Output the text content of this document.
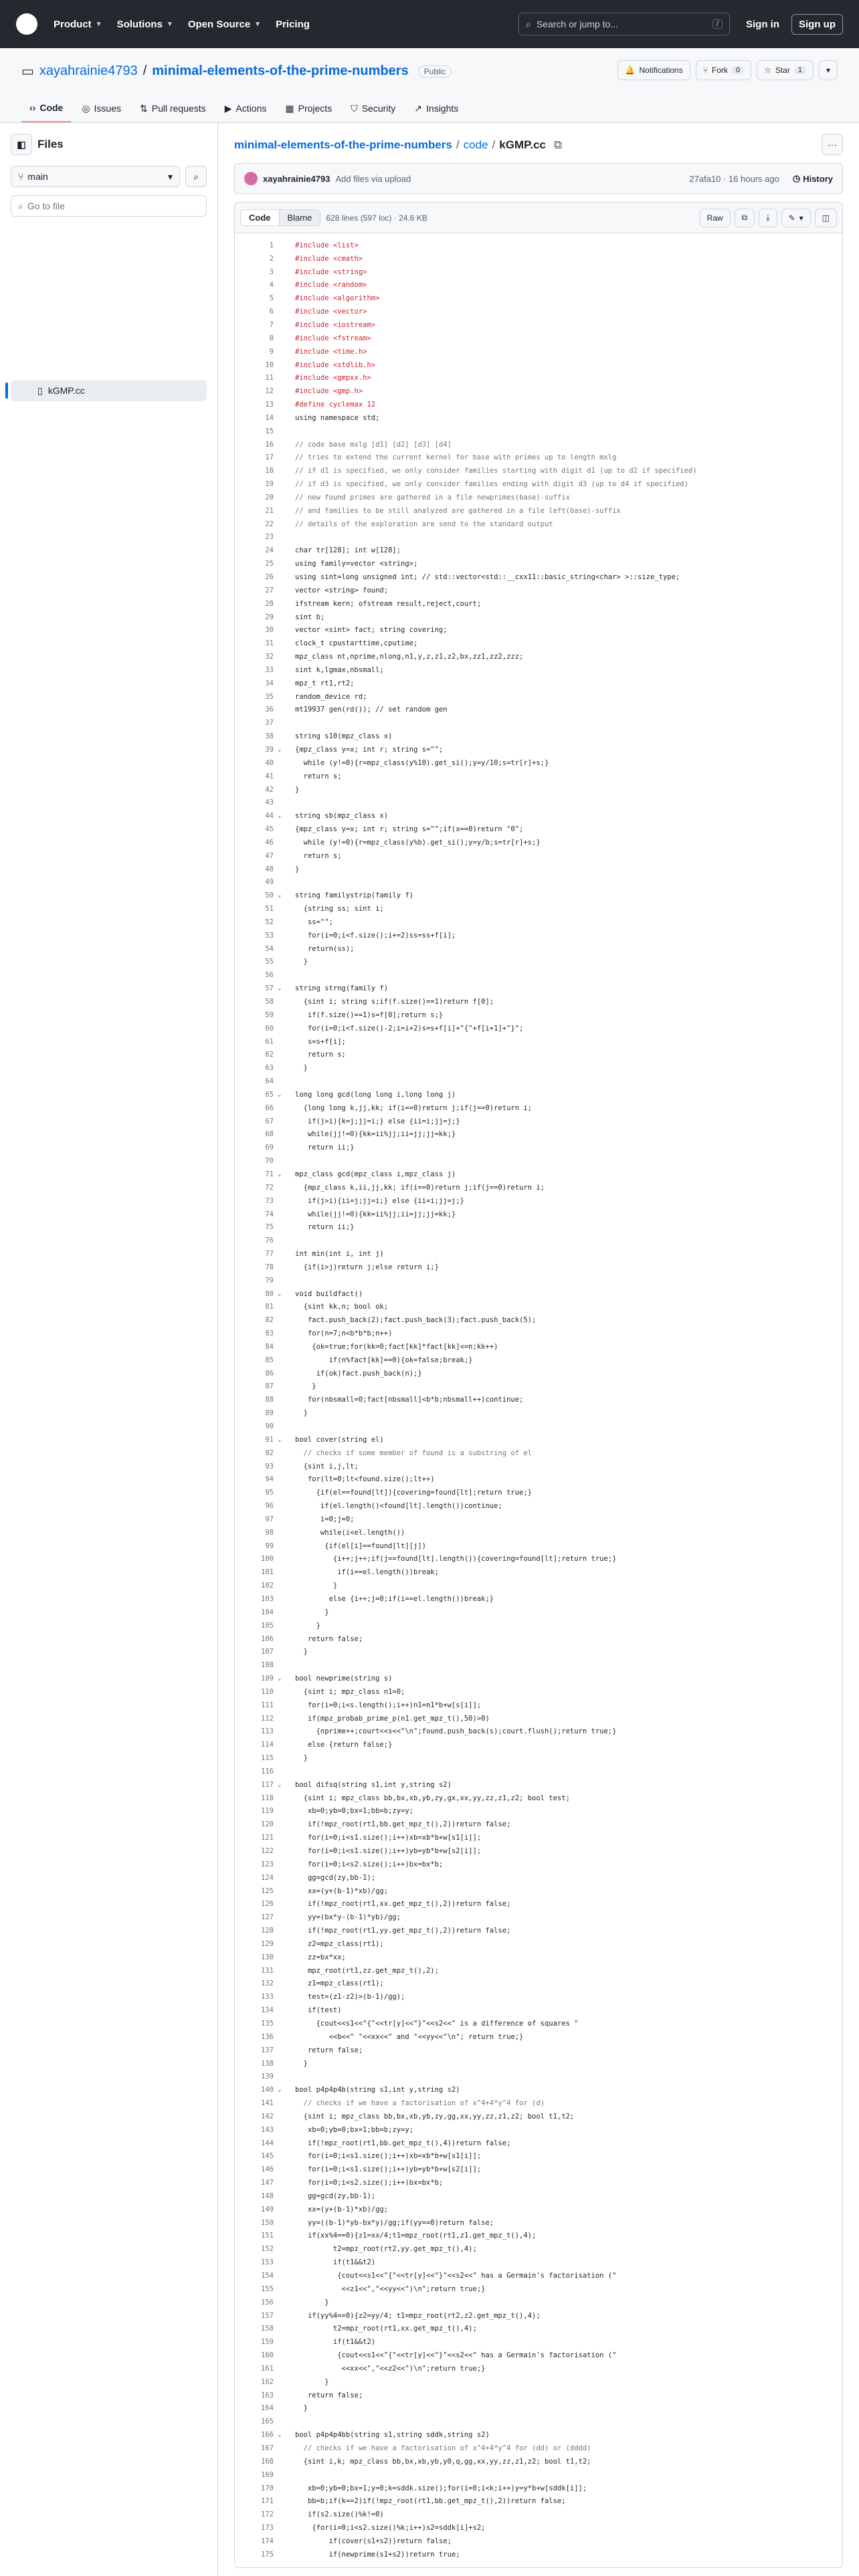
Product ▼ Solutions ▼ Open Source ▼ Pricing	⌕ Search or jump to...	/	Sign in	Sign up
▭ xayahrainie4793 / minimal-elements-of-the-prime-numbers	Public	🔔 Notifications	⑂ Fork	0	☆ Star	1	▾
‹› Code ◎ Issues ⇅ Pull requests ▶ Actions ▦ Projects ⛉ Security ↗ Insights
◧ Files
⑂ main	▾ ⌕
⌕ Go to file
▯ kGMP.cc
minimal-elements-of-the-prime-numbers / code / kGMP.cc ⧉	···
xayahrainie4793 Add files via upload	27afa10 · 16 hours ago ◷ History
Code	Blame	628 lines (597 loc) · 24.6 KB	Raw	⧉ ⤓ ✎ ▾ ◫
1	#include <list>
2	#include <cmath>
3	#include <string>
4	#include <random>
5	#include <algorithm>
6	#include <vector>
7	#include <iostream>
8	#include <fstream>
9	#include <time.h>
10	#include <stdlib.h>
11	#include <gmpxx.h>
12	#include <gmp.h>
13	#define cyclemax 12
14	using namespace std;
15
16	// code base mxlg [d1] [d2] [d3] [d4]
17	// tries to extend the current kernel for base with primes up to length mxlg
18	// if d1 is specified, we only consider families starting with digit d1 (up to d2 if specified)
19	// if d3 is specified, we only consider families ending with digit d3 (up to d4 if specified)
20	// new found primes are gathered in a file newprimes(base)-suffix
21	// and families to be still analyzed are gathered in a file left(base)-suffix
22	// details of the exploration are send to the standard output
23
24	char tr[128]; int w[128];
25	using family=vector <string>;
26	using sint=long unsigned int; // std::vector<std::__cxx11::basic_string<char> >::size_type;
27	vector <string> found;
28	ifstream kern; ofstream result,reject,court;
29	sint b;
30	vector <sint> fact; string covering;
31	clock_t cpustarttime,cputime;
32	mpz_class nt,nprime,nlong,n1,y,z,z1,z2,bx,zz1,zz2,zzz;
33	sint k,lgmax,nbsmall;
34	mpz_t rt1,rt2;
35	random_device rd;
36	mt19937 gen(rd()); // set random gen
37
38	string s10(mpz_class x)
39 ⌄	{mpz_class y=x; int r; string s="";
40	while (y!=0){r=mpz_class(y%10).get_si();y=y/10;s=tr[r]+s;}
41	return s;
42	}
43
44 ⌄	string sb(mpz_class x)
45	{mpz_class y=x; int r; string s="";if(x==0)return "0";
46	while (y!=0){r=mpz_class(y%b).get_si();y=y/b;s=tr[r]+s;}
47	return s;
48	}
49
50 ⌄	string familystrip(family f)
51	{string ss; sint i;
52	ss="";
53	for(i=0;i<f.size();i+=2)ss=ss+f[i];
54	return(ss);
55	}
56
57 ⌄	string strng(family f)
58	{sint i; string s;if(f.size()==1)return f[0];
59	if(f.size()==1)s=f[0];return s;}
60	for(i=0;i<f.size()-2;i=i+2)s=s+f[i]+"{"+f[i+1]+"}";
61	s=s+f[i];
62	return s;
63	}
64
65 ⌄	long long gcd(long long i,long long j)
66	{long long k,jj,kk; if(i==0)return j;if(j==0)return i;
67	if(j>i){k=j;jj=i;} else {ii=i;jj=j;}
68	while(jj!=0){kk=ii%jj;ii=jj;jj=kk;}
69	return ii;}
70
71 ⌄	mpz_class gcd(mpz_class i,mpz_class j)
72	{mpz_class k,ii,jj,kk; if(i==0)return j;if(j==0)return i;
73	if(j>i){ii=j;jj=i;} else {ii=i;jj=j;}
74	while(jj!=0){kk=ii%jj;ii=jj;jj=kk;}
75	return ii;}
76
77	int min(int i, int j)
78	{if(i>j)return j;else return i;}
79
80 ⌄	void buildfact()
81	{sint kk,n; bool ok;
82	fact.push_back(2);fact.push_back(3);fact.push_back(5);
83	for(n=7;n<b*b*b;n++)
84	{ok=true;for(kk=0;fact[kk]*fact[kk]<=n;kk++)
85	if(n%fact[kk]==0){ok=false;break;}
86	if(ok)fact.push_back(n);}
87	}
88	for(nbsmall=0;fact[nbsmall]<b*b;nbsmall++)continue;
89	}
90
91 ⌄	bool cover(string el)
92	// checks if some member of found is a substring of el
93	{sint i,j,lt;
94	for(lt=0;lt<found.size();lt++)
95	{if(el==found[lt]){covering=found[lt];return true;}
96	if(el.length()<found[lt].length())continue;
97	i=0;j=0;
98	while(i<el.length())
99	{if(el[i]==found[lt][j])
100	{i++;j++;if(j==found[lt].length()){covering=found[lt];return true;}
101	if(i==el.length())break;
102	}
103	else {i++;j=0;if(i==el.length())break;}
104	}
105	}
106	return false;
107	}
108
109 ⌄	bool newprime(string s)
110	{sint i; mpz_class n1=0;
111	for(i=0;i<s.length();i++)n1=n1*b+w[s[i]];
112	if(mpz_probab_prime_p(n1.get_mpz_t(),50)>0)
113	{nprime++;court<<s<<"\n";found.push_back(s);court.flush();return true;}
114	else {return false;}
115	}
116
117 ⌄	bool difsq(string s1,int y,string s2)
118	{sint i; mpz_class bb,bx,xb,yb,zy,gx,xx,yy,zz,z1,z2; bool test;
119	xb=0;yb=0;bx=1;bb=b;zy=y;
120	if(!mpz_root(rt1,bb.get_mpz_t(),2))return false;
121	for(i=0;i<s1.size();i++)xb=xb*b+w[s1[i]];
122	for(i=0;i<s1.size();i++)yb=yb*b+w[s2[i]];
123	for(i=0;i<s2.size();i++)bx=bx*b;
124	gg=gcd(zy,bb-1);
125	xx=(y+(b-1)*xb)/gg;
126	if(!mpz_root(rt1,xx.get_mpz_t(),2))return false;
127	yy=(bx*y-(b-1)*yb)/gg;
128	if(!mpz_root(rt1,yy.get_mpz_t(),2))return false;
129	z2=mpz_class(rt1);
130	zz=bx*xx;
131	mpz_root(rt1,zz.get_mpz_t(),2);
132	z1=mpz_class(rt1);
133	test=(z1-z2)>(b-1)/gg);
134	if(test)
135	{cout<<s1<<"{"<<tr[y]<<"}"<<s2<<" is a difference of squares "
136	<<b<<" "<<xx<<" and "<<yy<<"\n"; return true;}
137	return false;
138	}
139
140 ⌄	bool p4p4p4b(string s1,int y,string s2)
141	// checks if we have a factorisation of x^4+4*y^4 for (d)
142	{sint i; mpz_class bb,bx,xb,yb,zy,gg,xx,yy,zz,z1,z2; bool t1,t2;
143	xb=0;yb=0;bx=1;bb=b;zy=y;
144	if(!mpz_root(rt1,bb.get_mpz_t(),4))return false;
145	for(i=0;i<s1.size();i++)xb=xb*b+w[s1[i]];
146	for(i=0;i<s1.size();i++)yb=yb*b+w[s2[i]];
147	for(i=0;i<s2.size();i++)bx=bx*b;
148	gg=gcd(zy,bb-1);
149	xx=(y+(b-1)*xb)/gg;
150	yy=((b-1)*yb-bx*y)/gg;if(yy==0)return false;
151	if(xx%4==0){z1=xx/4;t1=mpz_root(rt1,z1.get_mpz_t(),4);
152	t2=mpz_root(rt2,yy.get_mpz_t(),4);
153	if(t1&&t2)
154	{cout<<s1<<"{"<<tr[y]<<"}"<<s2<<" has a Germain's factorisation ("
155	<<z1<<","<<yy<<")\n";return true;}
156	}
157	if(yy%4==0){z2=yy/4; t1=mpz_root(rt2,z2.get_mpz_t(),4);
158	t2=mpz_root(rt1,xx.get_mpz_t(),4);
159	if(t1&&t2)
160	{cout<<s1<<"{"<<tr[y]<<"}"<<s2<<" has a Germain's factorisation ("
161	<<xx<<","<<z2<<")\n";return true;}
162	}
163	return false;
164	}
165
166 ⌄	bool p4p4p4bb(string s1,string sddk,string s2)
167	// checks if we have a factorisation of x^4+4*y^4 for (dd) or (dddd)
168	{sint i,k; mpz_class bb,bx,xb,yb,y0,q,gg,xx,yy,zz,z1,z2; bool t1,t2;
169
170	xb=0;yb=0;bx=1;y=0;k=sddk.size();for(i=0;i<k;i++)y=y*b+w[sddk[i]];
171	bb=b;if(k==2)if(!mpz_root(rt1,bb.get_mpz_t(),2))return false;
172	if(s2.size()%k!=0)
173	{for(i=0;i<s2.size()%k;i++)s2=sddk[i]+s2;
174	if(cover(s1+s2))return false;
175	if(newprime(s1+s2))return true;
